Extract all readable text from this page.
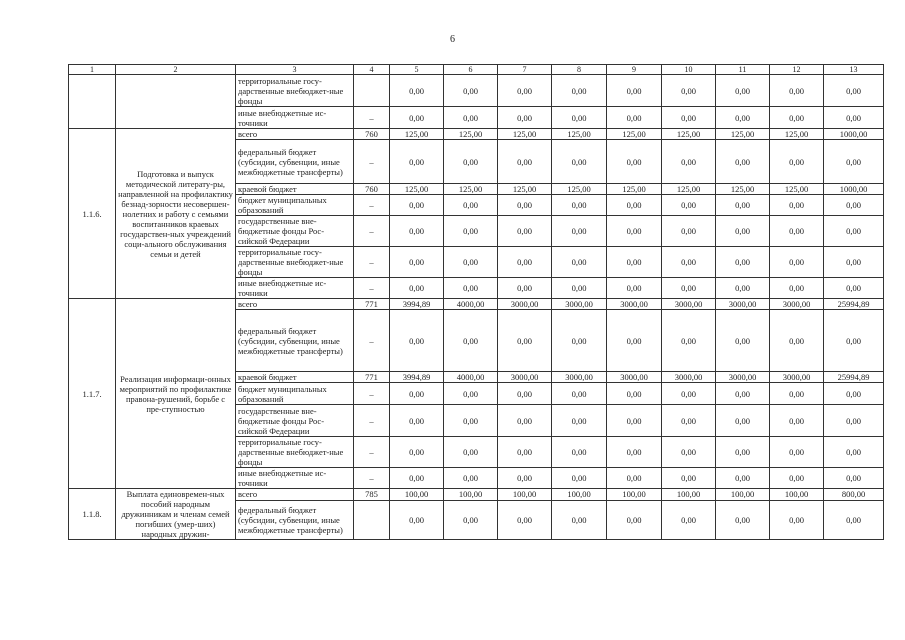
6
1	2	3	4	5	6	7	8	9	10	11	12	13
		территориальные госу-дарственные внебюджет-ные фонды		0,00	0,00	0,00	0,00	0,00	0,00	0,00	0,00	0,00
		иные внебюджетные ис-точники	–	0,00	0,00	0,00	0,00	0,00	0,00	0,00	0,00	0,00
1.1.6.	Подготовка и выпуск методической литерату-ры, направленной на профилактику безнад-зорности несовершен-нолетних и работу с семьями воспитанников краевых государствен-ных учреждений соци-ального обслуживания семьи и детей	всего	760	125,00	125,00	125,00	125,00	125,00	125,00	125,00	125,00	1000,00
		федеральный бюджет (субсидии, субвенции, иные межбюджетные трансферты)	–	0,00	0,00	0,00	0,00	0,00	0,00	0,00	0,00	0,00
		краевой бюджет	760	125,00	125,00	125,00	125,00	125,00	125,00	125,00	125,00	1000,00
		бюджет муниципальных образований	–	0,00	0,00	0,00	0,00	0,00	0,00	0,00	0,00	0,00
		государственные вне-бюджетные фонды Рос-сийской Федерации	–	0,00	0,00	0,00	0,00	0,00	0,00	0,00	0,00	0,00
		территориальные госу-дарственные внебюджет-ные фонды	–	0,00	0,00	0,00	0,00	0,00	0,00	0,00	0,00	0,00
		иные внебюджетные ис-точники	–	0,00	0,00	0,00	0,00	0,00	0,00	0,00	0,00	0,00
1.1.7.	Реализация информаци-онных мероприятий по профилактике правона-рушений, борьбе с пре-ступностью	всего	771	3994,89	4000,00	3000,00	3000,00	3000,00	3000,00	3000,00	3000,00	25994,89
		федеральный бюджет (субсидии, субвенции, иные межбюджетные трансферты)	–	0,00	0,00	0,00	0,00	0,00	0,00	0,00	0,00	0,00
		краевой бюджет	771	3994,89	4000,00	3000,00	3000,00	3000,00	3000,00	3000,00	3000,00	25994,89
		бюджет муниципальных образований	–	0,00	0,00	0,00	0,00	0,00	0,00	0,00	0,00	0,00
		государственные вне-бюджетные фонды Рос-сийской Федерации	–	0,00	0,00	0,00	0,00	0,00	0,00	0,00	0,00	0,00
		территориальные госу-дарственные внебюджет-ные фонды	–	0,00	0,00	0,00	0,00	0,00	0,00	0,00	0,00	0,00
		иные внебюджетные ис-точники	–	0,00	0,00	0,00	0,00	0,00	0,00	0,00	0,00	0,00
1.1.8.	Выплата единовремен-ных пособий народным дружинникам и членам семей погибших (умер-ших) народных дружин-	всего	785	100,00	100,00	100,00	100,00	100,00	100,00	100,00	100,00	800,00
		федеральный бюджет (субсидии, субвенции, иные межбюджетные трансферты)		0,00	0,00	0,00	0,00	0,00	0,00	0,00	0,00	0,00
